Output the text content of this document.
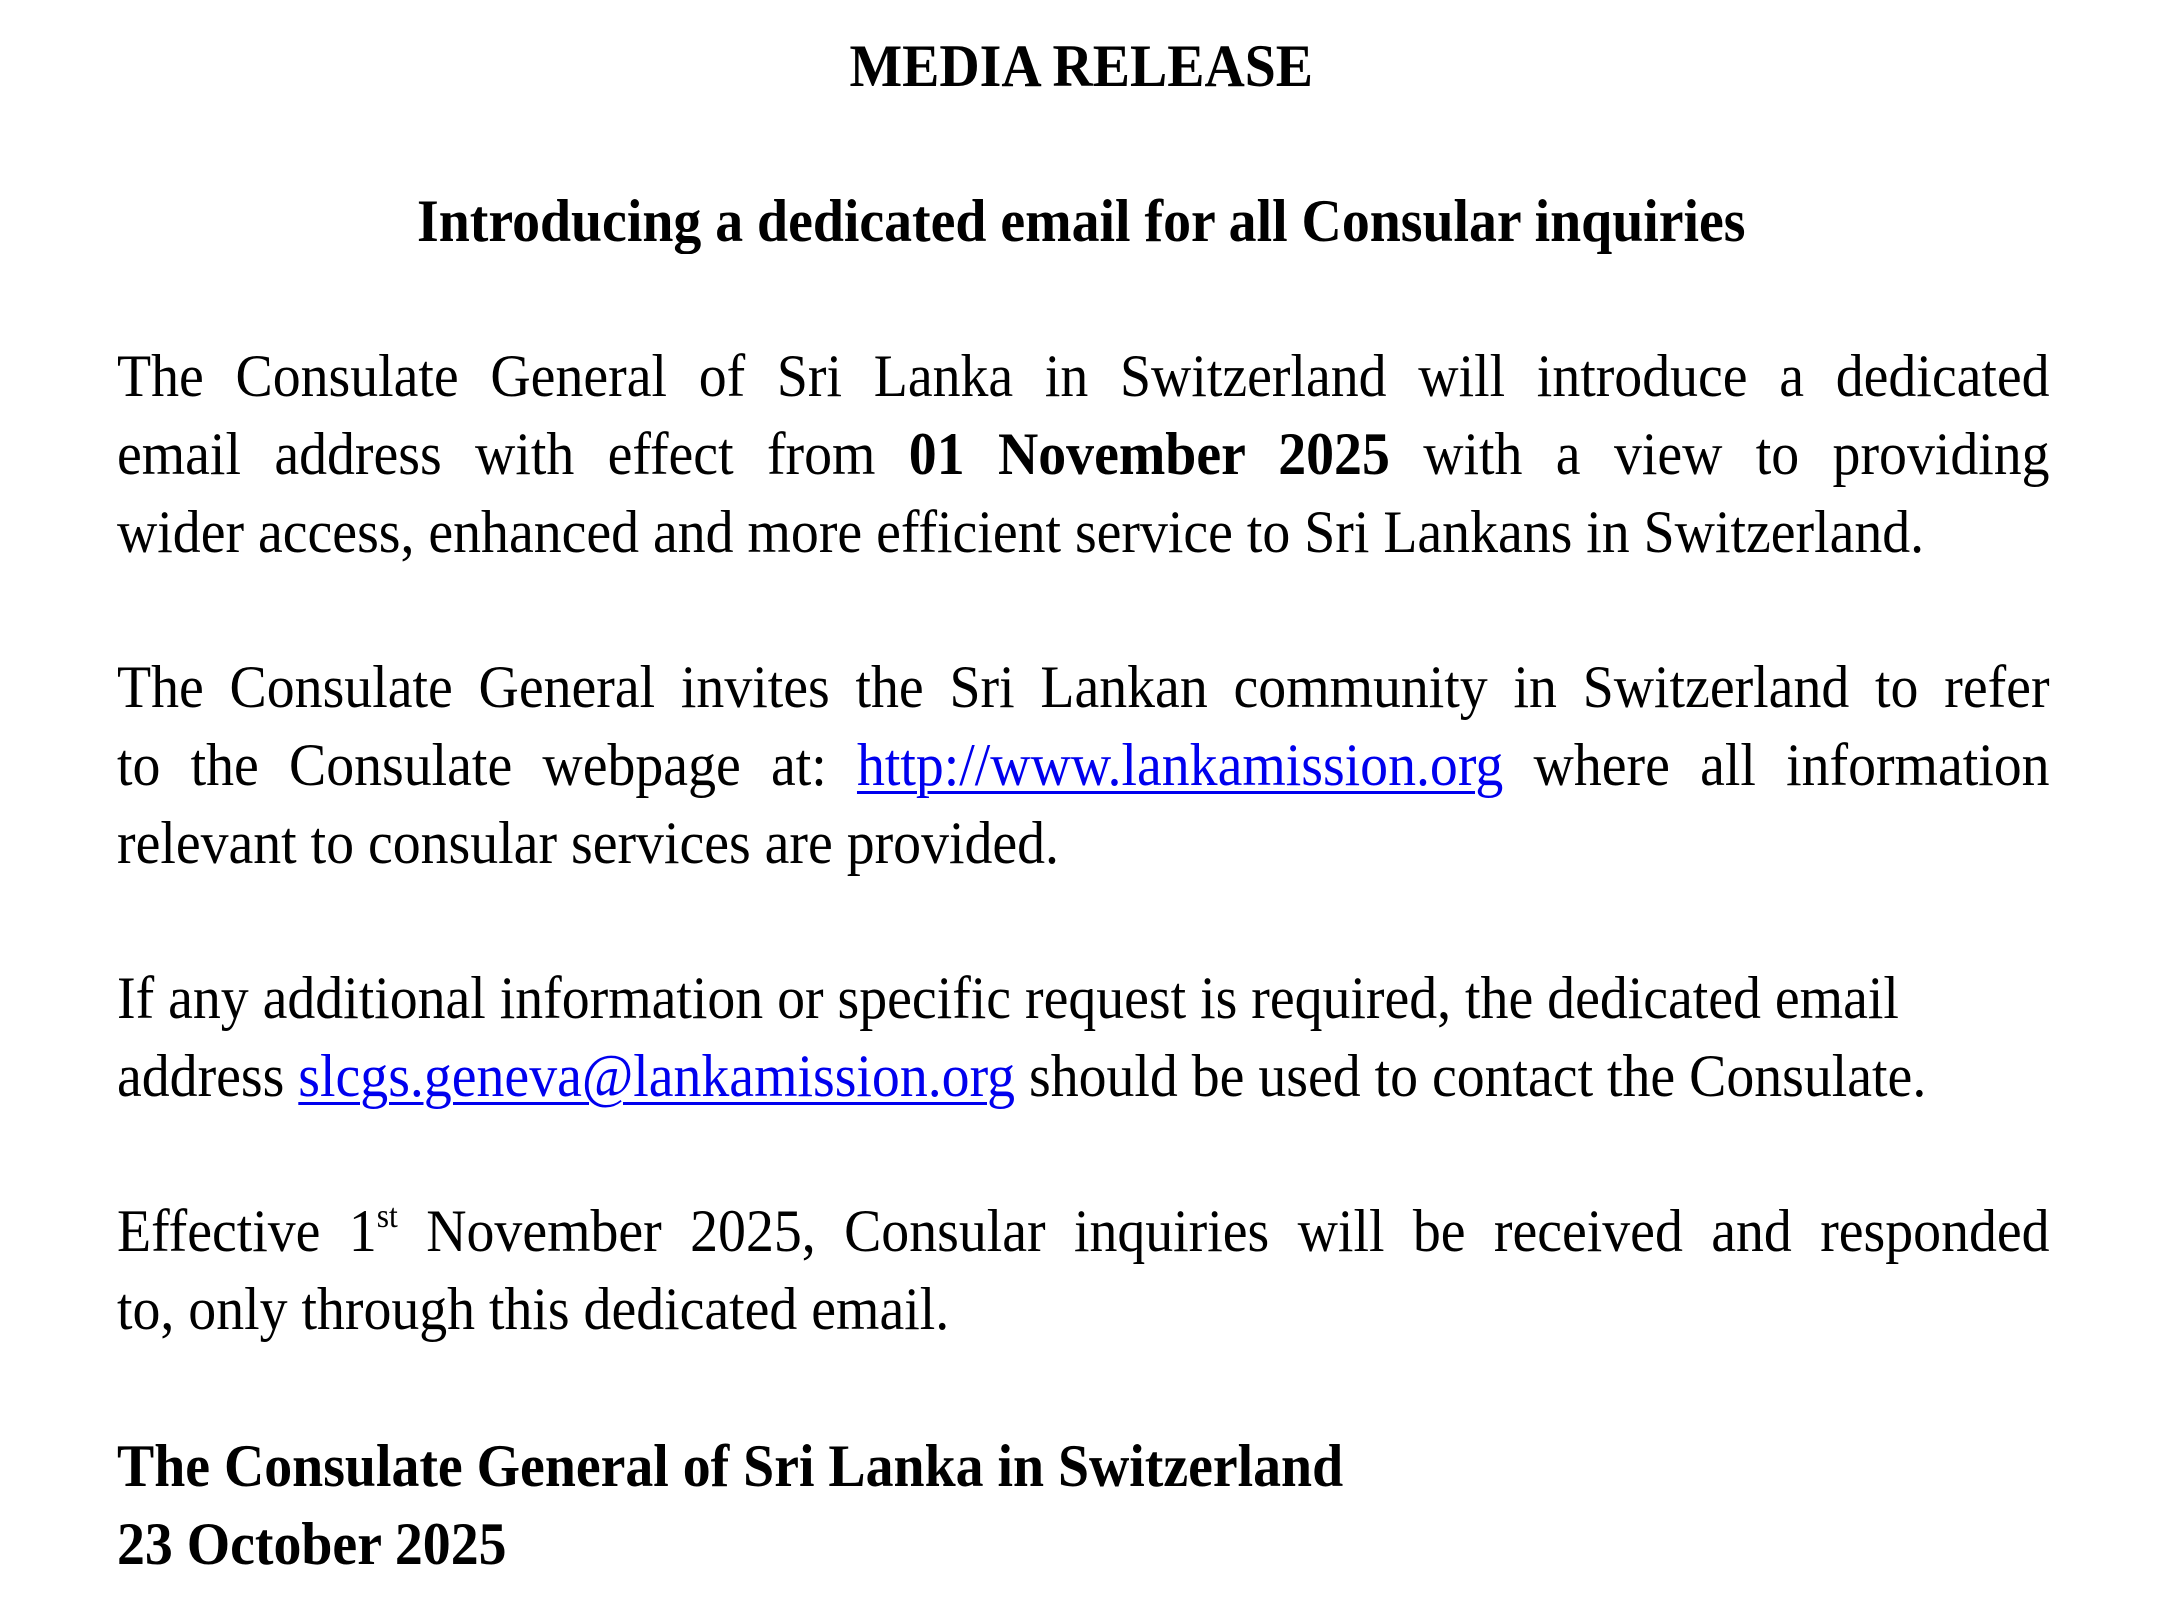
MEDIA RELEASE
Introducing a dedicated email for all Consular inquiries
The Consulate General of Sri Lanka in Switzerland will introduce a dedicated
email address with effect from 01 November 2025 with a view to providing
wider access, enhanced and more efficient service to Sri Lankans in Switzerland.
The Consulate General invites the Sri Lankan community in Switzerland to refer
to the Consulate webpage at: http://www.lankamission.org where all information
relevant to consular services are provided.
If any additional information or specific request is required, the dedicated email
address slcgs.geneva@lankamission.org should be used to contact the Consulate.
Effective 1st November 2025, Consular inquiries will be received and responded
to, only through this dedicated email.
The Consulate General of Sri Lanka in Switzerland
23 October 2025
